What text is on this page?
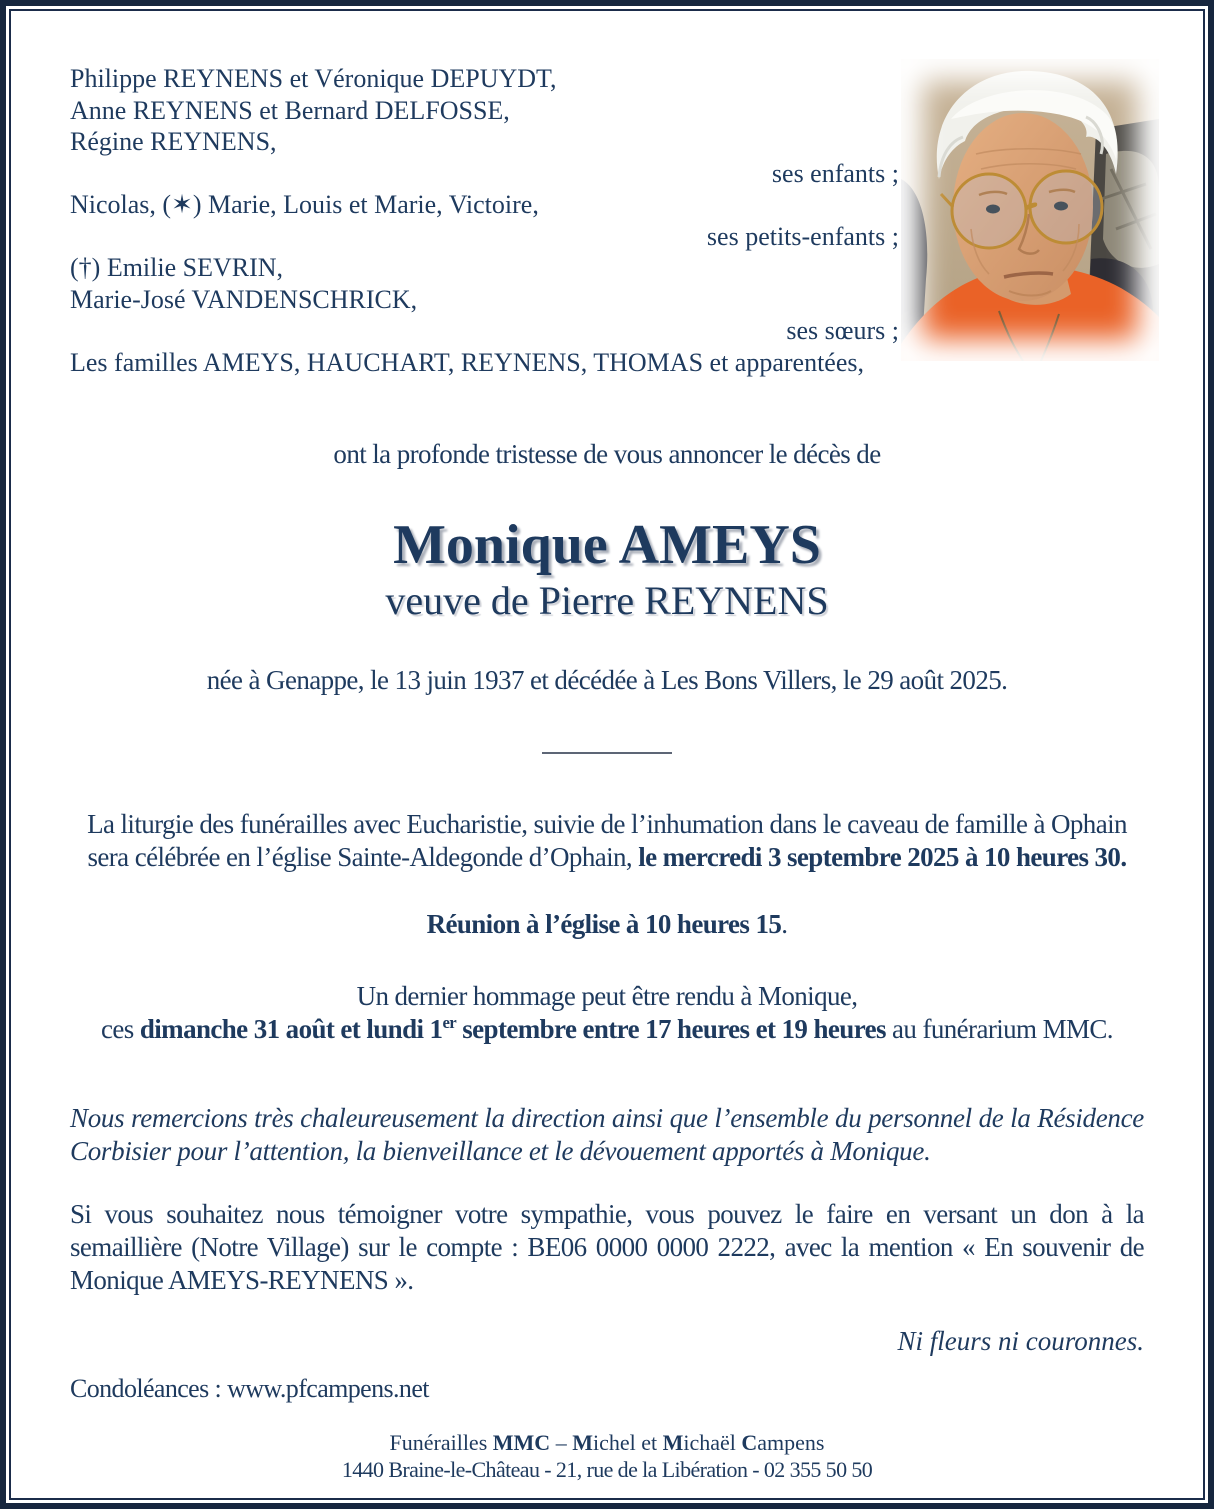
Philippe REYNENS et Véronique DEPUYDT,
Anne REYNENS et Bernard DELFOSSE,
Régine REYNENS,
ses enfants ;
Nicolas, (✶) Marie, Louis et Marie, Victoire,
ses petits-enfants ;
(†) Emilie SEVRIN,
Marie-José VANDENSCHRICK,
ses sœurs ;
Les familles AMEYS, HAUCHART, REYNENS, THOMAS et apparentées,
ont la profonde tristesse de vous annoncer le décès de
Monique AMEYS
veuve de Pierre REYNENS
née à Genappe, le 13 juin 1937 et décédée à Les Bons Villers, le 29 août 2025.
La liturgie des funérailles avec Eucharistie, suivie de l’inhumation dans le caveau de famille à Ophain
sera célébrée en l’église Sainte-Aldegonde d’Ophain, le mercredi 3 septembre 2025 à 10 heures 30.
Réunion à l’église à 10 heures 15.
Un dernier hommage peut être rendu à Monique,
ces dimanche 31 août et lundi 1er septembre entre 17 heures et 19 heures au funérarium MMC.
Nous remercions très chaleureusement la direction ainsi que l’ensemble du personnel de la Résidence Corbisier pour l’attention, la bienveillance et le dévouement apportés à Monique.
Si vous souhaitez nous témoigner votre sympathie, vous pouvez le faire en versant un don à la semaillière (Notre Village) sur le compte : BE06 0000 0000 2222, avec la mention « En souvenir de Monique AMEYS-REYNENS ».
Ni fleurs ni couronnes.
Condoléances : www.pfcampens.net
Funérailles MMC – Michel et Michaël Campens
1440 Braine-le-Château - 21, rue de la Libération - 02 355 50 50
